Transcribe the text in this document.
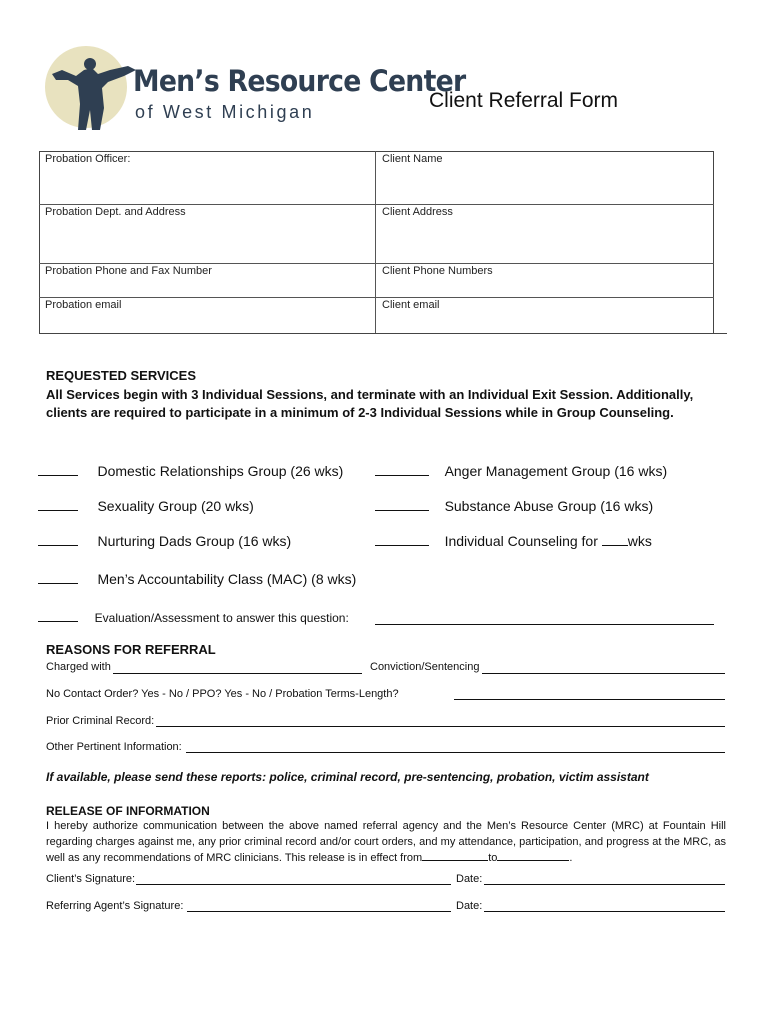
Men’s Resource Center
of West Michigan	Client Referral Form
Probation Officer:	Client Name
Probation Dept. and Address	Client Address
Probation Phone and Fax Number	Client Phone Numbers
Probation email	Client email
REQUESTED SERVICES
All Services begin with 3 Individual Sessions, and terminate with an Individual Exit Session. Additionally, clients are required to participate in a minimum of 2-3 Individual Sessions while in Group Counseling.
Domestic Relationships Group (26 wks)
Sexuality Group (20 wks)
Nurturing Dads Group (16 wks)
Men’s Accountability Class (MAC) (8 wks)
Anger Management Group (16 wks)
Substance Abuse Group (16 wks)
Individual Counseling for wks
Evaluation/Assessment to answer this question:
REASONS FOR REFERRAL
Charged with	Conviction/Sentencing
No Contact Order? Yes - No / PPO? Yes - No / Probation Terms-Length?
Prior Criminal Record:
Other Pertinent Information:
If available, please send these reports: police, criminal record, pre-sentencing, probation, victim assistant
RELEASE OF INFORMATION
I hereby authorize communication between the above named referral agency and the Men’s Resource Center (MRC) at Fountain Hill regarding charges against me, any prior criminal record and/or court orders, and my attendance, participation, and progress at the MRC, as well as any recommendations of MRC clinicians. This release is in effect from	to	.
Client’s Signature:	Date:
Referring Agent’s Signature:	Date:
